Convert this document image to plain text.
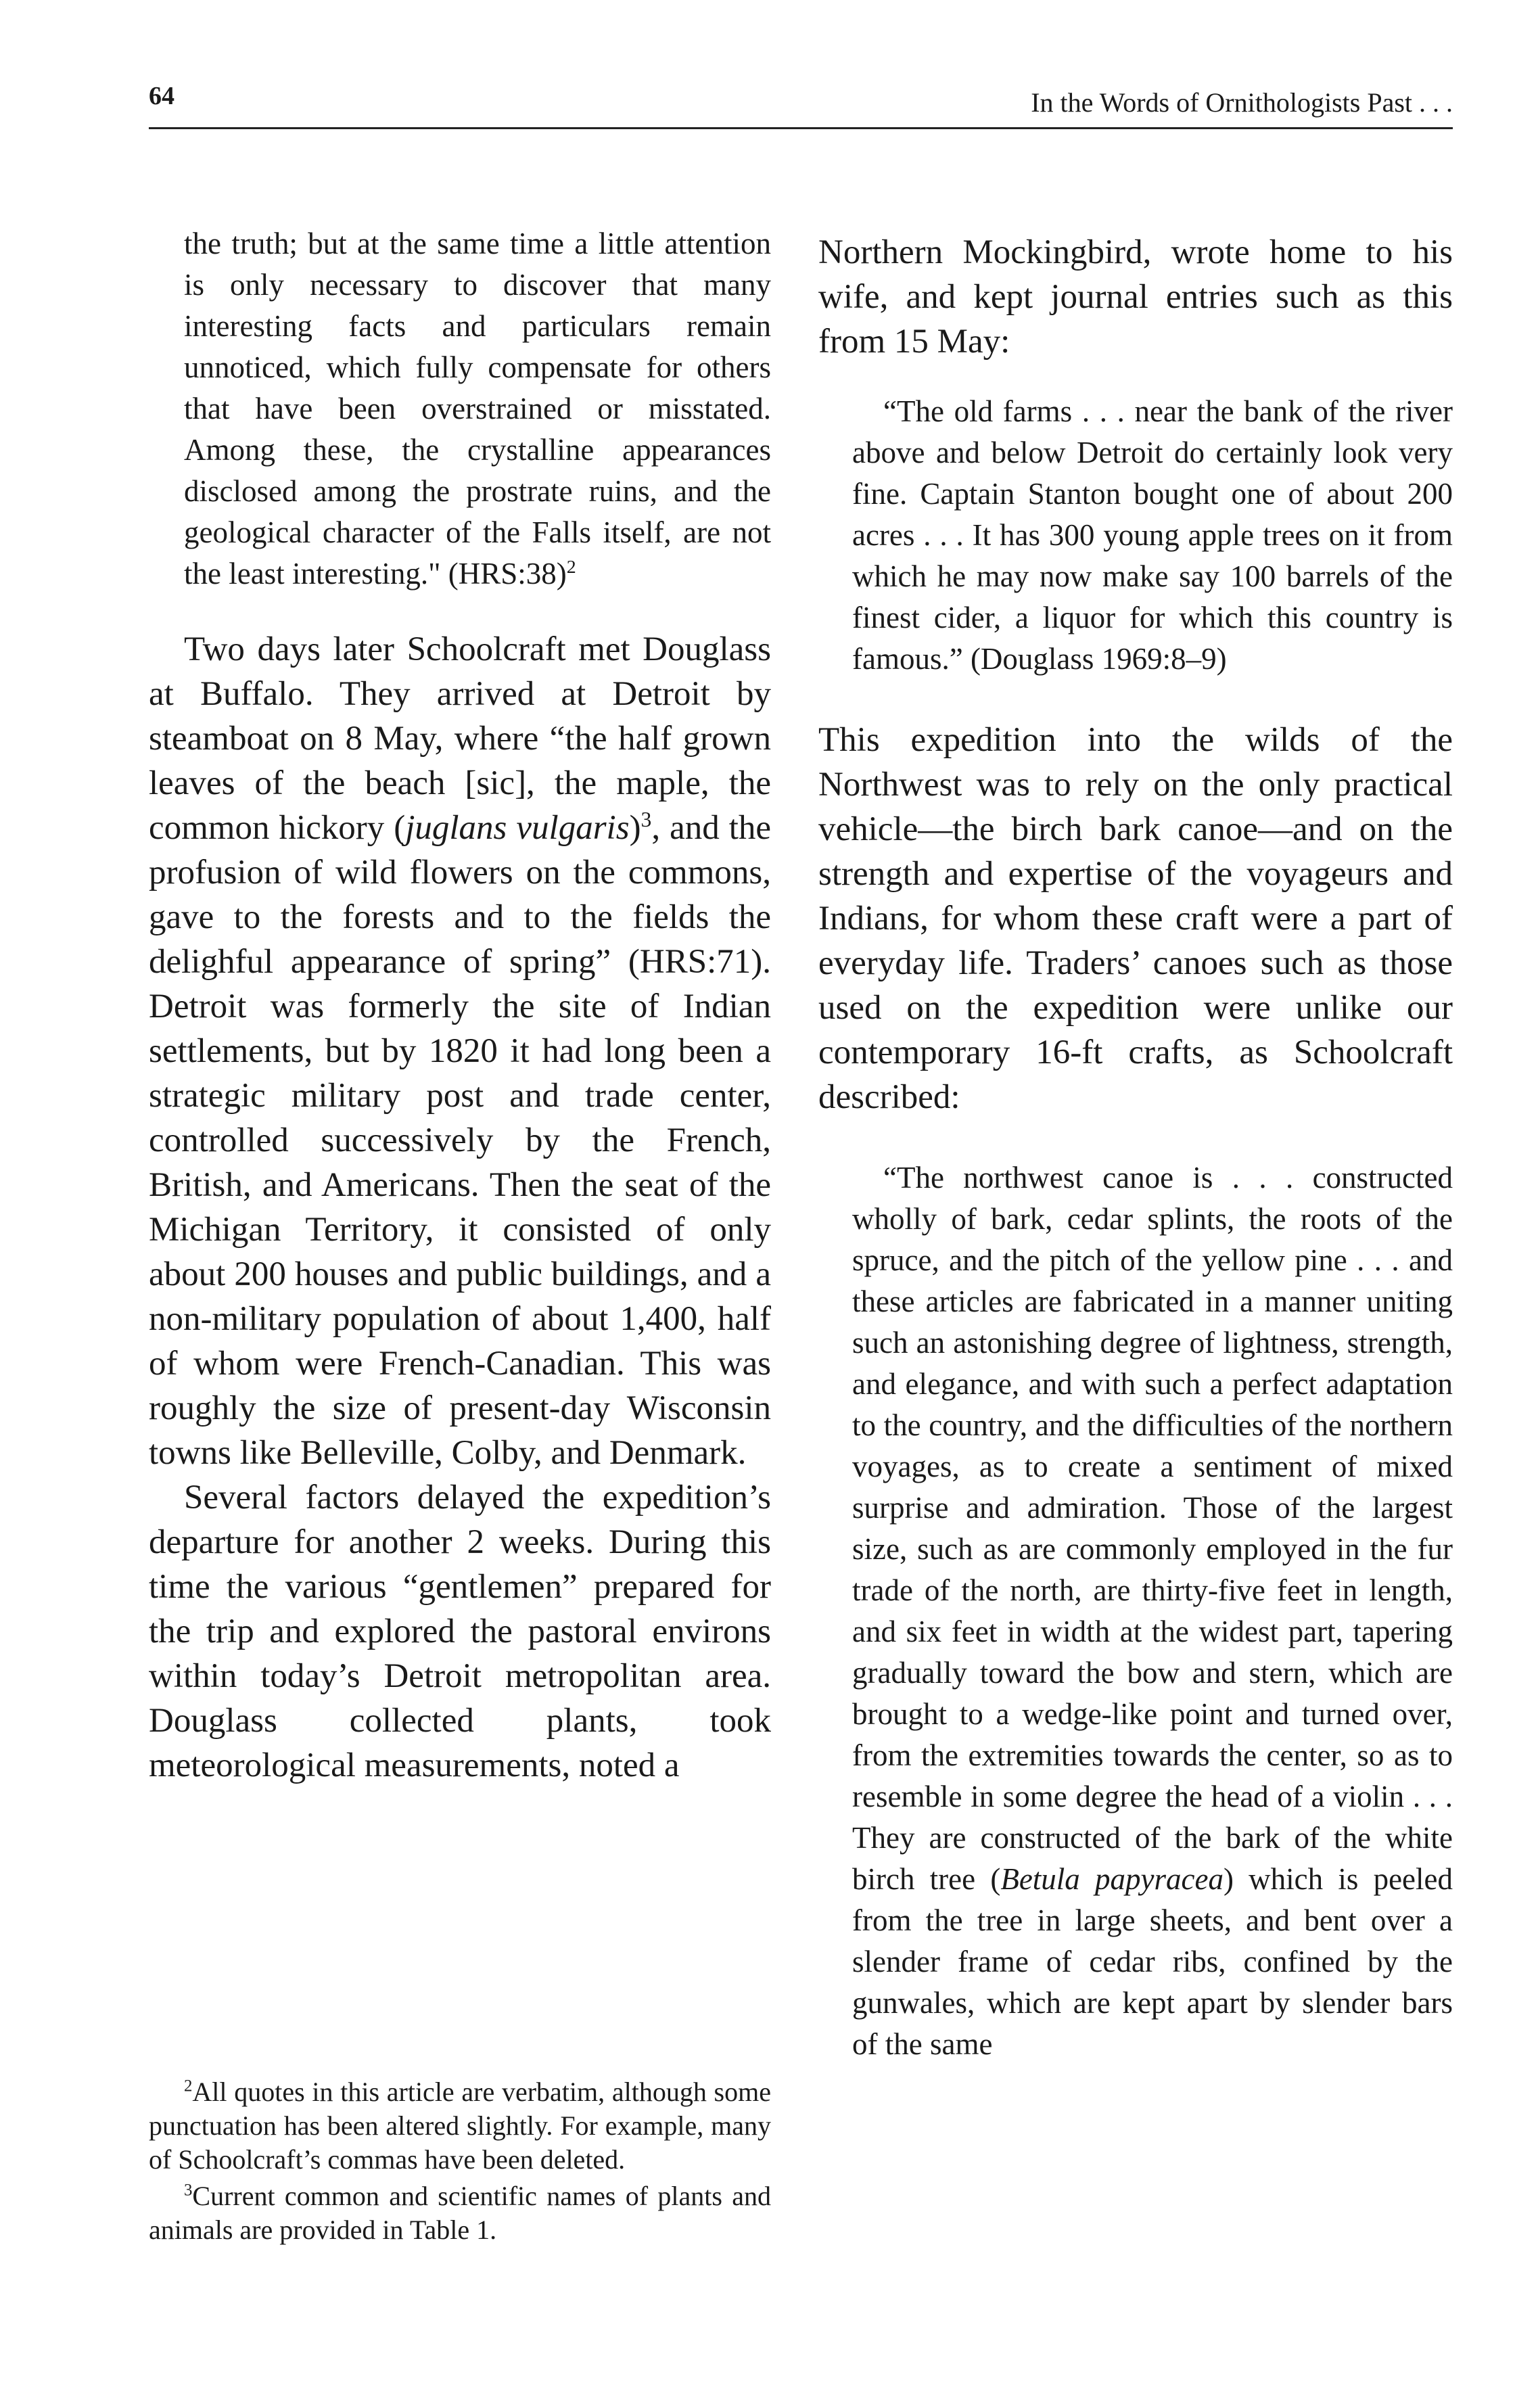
64	In the Words of Ornithologists Past . . .

the truth; but at the same time a little attention is only necessary to discover that many interesting facts and particulars remain unnoticed, which fully compensate for others that have been overstrained or misstated. Among these, the crystalline appearances disclosed among the prostrate ruins, and the geological character of the Falls itself, are not the least interesting." (HRS:38)$^2$

Two days later Schoolcraft met Douglass at Buffalo. They arrived at Detroit by steamboat on 8 May, where “the half grown leaves of the beach [sic], the maple, the common hickory (juglans vulgaris)$^3$, and the profusion of wild flowers on the commons, gave to the forests and to the fields the delighful appearance of spring” (HRS:71). Detroit was formerly the site of Indian settlements, but by 1820 it had long been a strategic military post and trade center, controlled successively by the French, British, and Americans. Then the seat of the Michigan Territory, it consisted of only about 200 houses and public buildings, and a non-military population of about 1,400, half of whom were French-Canadian. This was roughly the size of present-day Wisconsin towns like Belleville, Colby, and Denmark.

Several factors delayed the expedition’s departure for another 2 weeks. During this time the various “gentlemen” prepared for the trip and explored the pastoral environs within today’s Detroit metropolitan area. Douglass collected plants, took meteorological measurements, noted a

$^2$All quotes in this article are verbatim, although some punctuation has been altered slightly. For example, many of Schoolcraft’s commas have been deleted.

$^3$Current common and scientific names of plants and animals are provided in Table 1.

Northern Mockingbird, wrote home to his wife, and kept journal entries such as this from 15 May:

“The old farms . . . near the bank of the river above and below Detroit do certainly look very fine. Captain Stanton bought one of about 200 acres . . . It has 300 young apple trees on it from which he may now make say 100 barrels of the finest cider, a liquor for which this country is famous.” (Douglass 1969:8–9)

This expedition into the wilds of the Northwest was to rely on the only practical vehicle—the birch bark canoe—and on the strength and expertise of the voyageurs and Indians, for whom these craft were a part of everyday life. Traders’ canoes such as those used on the expedition were unlike our contemporary 16-ft crafts, as Schoolcraft described:

“The northwest canoe is . . . constructed wholly of bark, cedar splints, the roots of the spruce, and the pitch of the yellow pine . . . and these articles are fabricated in a manner uniting such an astonishing degree of lightness, strength, and elegance, and with such a perfect adaptation to the country, and the difficulties of the northern voyages, as to create a sentiment of mixed surprise and admiration. Those of the largest size, such as are commonly employed in the fur trade of the north, are thirty-five feet in length, and six feet in width at the widest part, tapering gradually toward the bow and stern, which are brought to a wedge-like point and turned over, from the extremities towards the center, so as to resemble in some degree the head of a violin . . . They are constructed of the bark of the white birch tree (Betula papyracea) which is peeled from the tree in large sheets, and bent over a slender frame of cedar ribs, confined by the gunwales, which are kept apart by slender bars of the same
